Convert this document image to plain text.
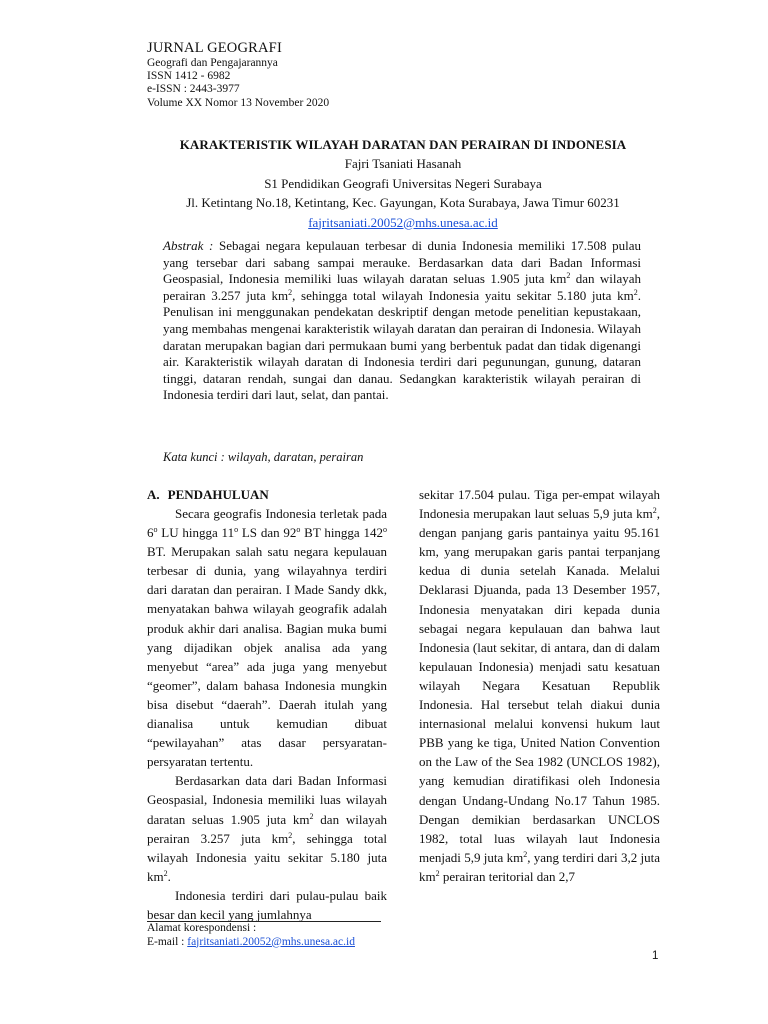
JURNAL GEOGRAFI
Geografi dan Pengajarannya
ISSN 1412 - 6982
e-ISSN : 2443-3977
Volume XX Nomor 13 November 2020
KARAKTERISTIK WILAYAH DARATAN DAN PERAIRAN DI INDONESIA
Fajri Tsaniati Hasanah
S1 Pendidikan Geografi Universitas Negeri Surabaya
Jl. Ketintang No.18, Ketintang, Kec. Gayungan, Kota Surabaya, Jawa Timur 60231
fajritsaniati.20052@mhs.unesa.ac.id
Abstrak : Sebagai negara kepulauan terbesar di dunia Indonesia memiliki 17.508 pulau yang tersebar dari sabang sampai merauke. Berdasarkan data dari Badan Informasi Geospasial, Indonesia memiliki luas wilayah daratan seluas 1.905 juta $km^2$ dan wilayah perairan 3.257 juta $km^2$, sehingga total wilayah Indonesia yaitu sekitar 5.180 juta $km^2$. Penulisan ini menggunakan pendekatan deskriptif dengan metode penelitian kepustakaan, yang membahas mengenai karakteristik wilayah daratan dan perairan di Indonesia. Wilayah daratan merupakan bagian dari permukaan bumi yang berbentuk padat dan tidak digenangi air. Karakteristik wilayah daratan di Indonesia terdiri dari pegunungan, gunung, dataran tinggi, dataran rendah, sungai dan danau. Sedangkan karakteristik wilayah perairan di Indonesia terdiri dari laut, selat, dan pantai.
Kata kunci : wilayah, daratan, perairan
A. PENDAHULUAN

Secara geografis Indonesia terletak pada 6$^o$ LU hingga 11$^o$ LS dan 92$^o$ BT hingga 142$^o$ BT. Merupakan salah satu negara kepulauan terbesar di dunia, yang wilayahnya terdiri dari daratan dan perairan. I Made Sandy dkk, menyatakan bahwa wilayah geografik adalah produk akhir dari analisa. Bagian muka bumi yang dijadikan objek analisa ada yang menyebut “area” ada juga yang menyebut “geomer”, dalam bahasa Indonesia mungkin bisa disebut “daerah”. Daerah itulah yang dianalisa untuk kemudian dibuat “pewilayahan” atas dasar persyaratan-persyaratan tertentu.

Berdasarkan data dari Badan Informasi Geospasial, Indonesia memiliki luas wilayah daratan seluas 1.905 juta $km^2$ dan wilayah perairan 3.257 juta $km^2$, sehingga total wilayah Indonesia yaitu sekitar 5.180 juta $km^2$.

Indonesia terdiri dari pulau-pulau baik besar dan kecil yang jumlahnya

sekitar 17.504 pulau. Tiga per-empat wilayah Indonesia merupakan laut seluas 5,9 juta $km^2$, dengan panjang garis pantainya yaitu 95.161 km, yang merupakan garis pantai terpanjang kedua di dunia setelah Kanada. Melalui Deklarasi Djuanda, pada 13 Desember 1957, Indonesia menyatakan diri kepada dunia sebagai negara kepulauan dan bahwa laut Indonesia (laut sekitar, di antara, dan di dalam kepulauan Indonesia) menjadi satu kesatuan wilayah Negara Kesatuan Republik Indonesia. Hal tersebut telah diakui dunia internasional melalui konvensi hukum laut PBB yang ke tiga, United Nation Convention on the Law of the Sea 1982 (UNCLOS 1982), yang kemudian diratifikasi oleh Indonesia dengan Undang-Undang No.17 Tahun 1985. Dengan demikian berdasarkan UNCLOS 1982, total luas wilayah laut Indonesia menjadi 5,9 juta $km^2$, yang terdiri dari 3,2 juta $km^2$ perairan teritorial dan 2,7

Alamat korespondensi :
E-mail : fajritsaniati.20052@mhs.unesa.ac.id
1
